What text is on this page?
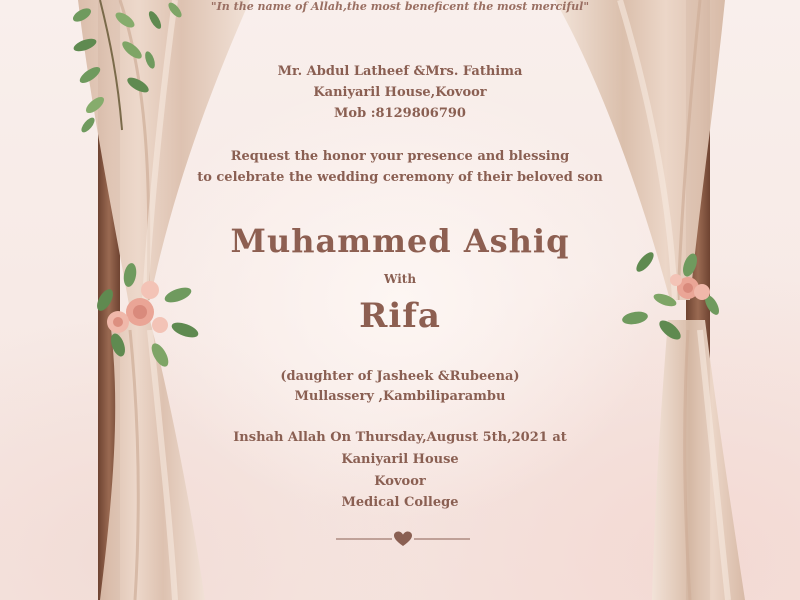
"In the name of Allah,the most beneficent the most merciful"
Mr. Abdul Latheef &Mrs. Fathima
Kaniyaril House,Kovoor
Mob :8129806790
Request the honor your presence and blessing
to celebrate the wedding ceremony of their beloved son
Muhammed Ashiq
With
Rifa
(daughter of Jasheek &Rubeena)
Mullassery ,Kambiliparambu
Inshah Allah On Thursday,August 5th,2021 at
Kaniyaril House
Kovoor
Medical College
